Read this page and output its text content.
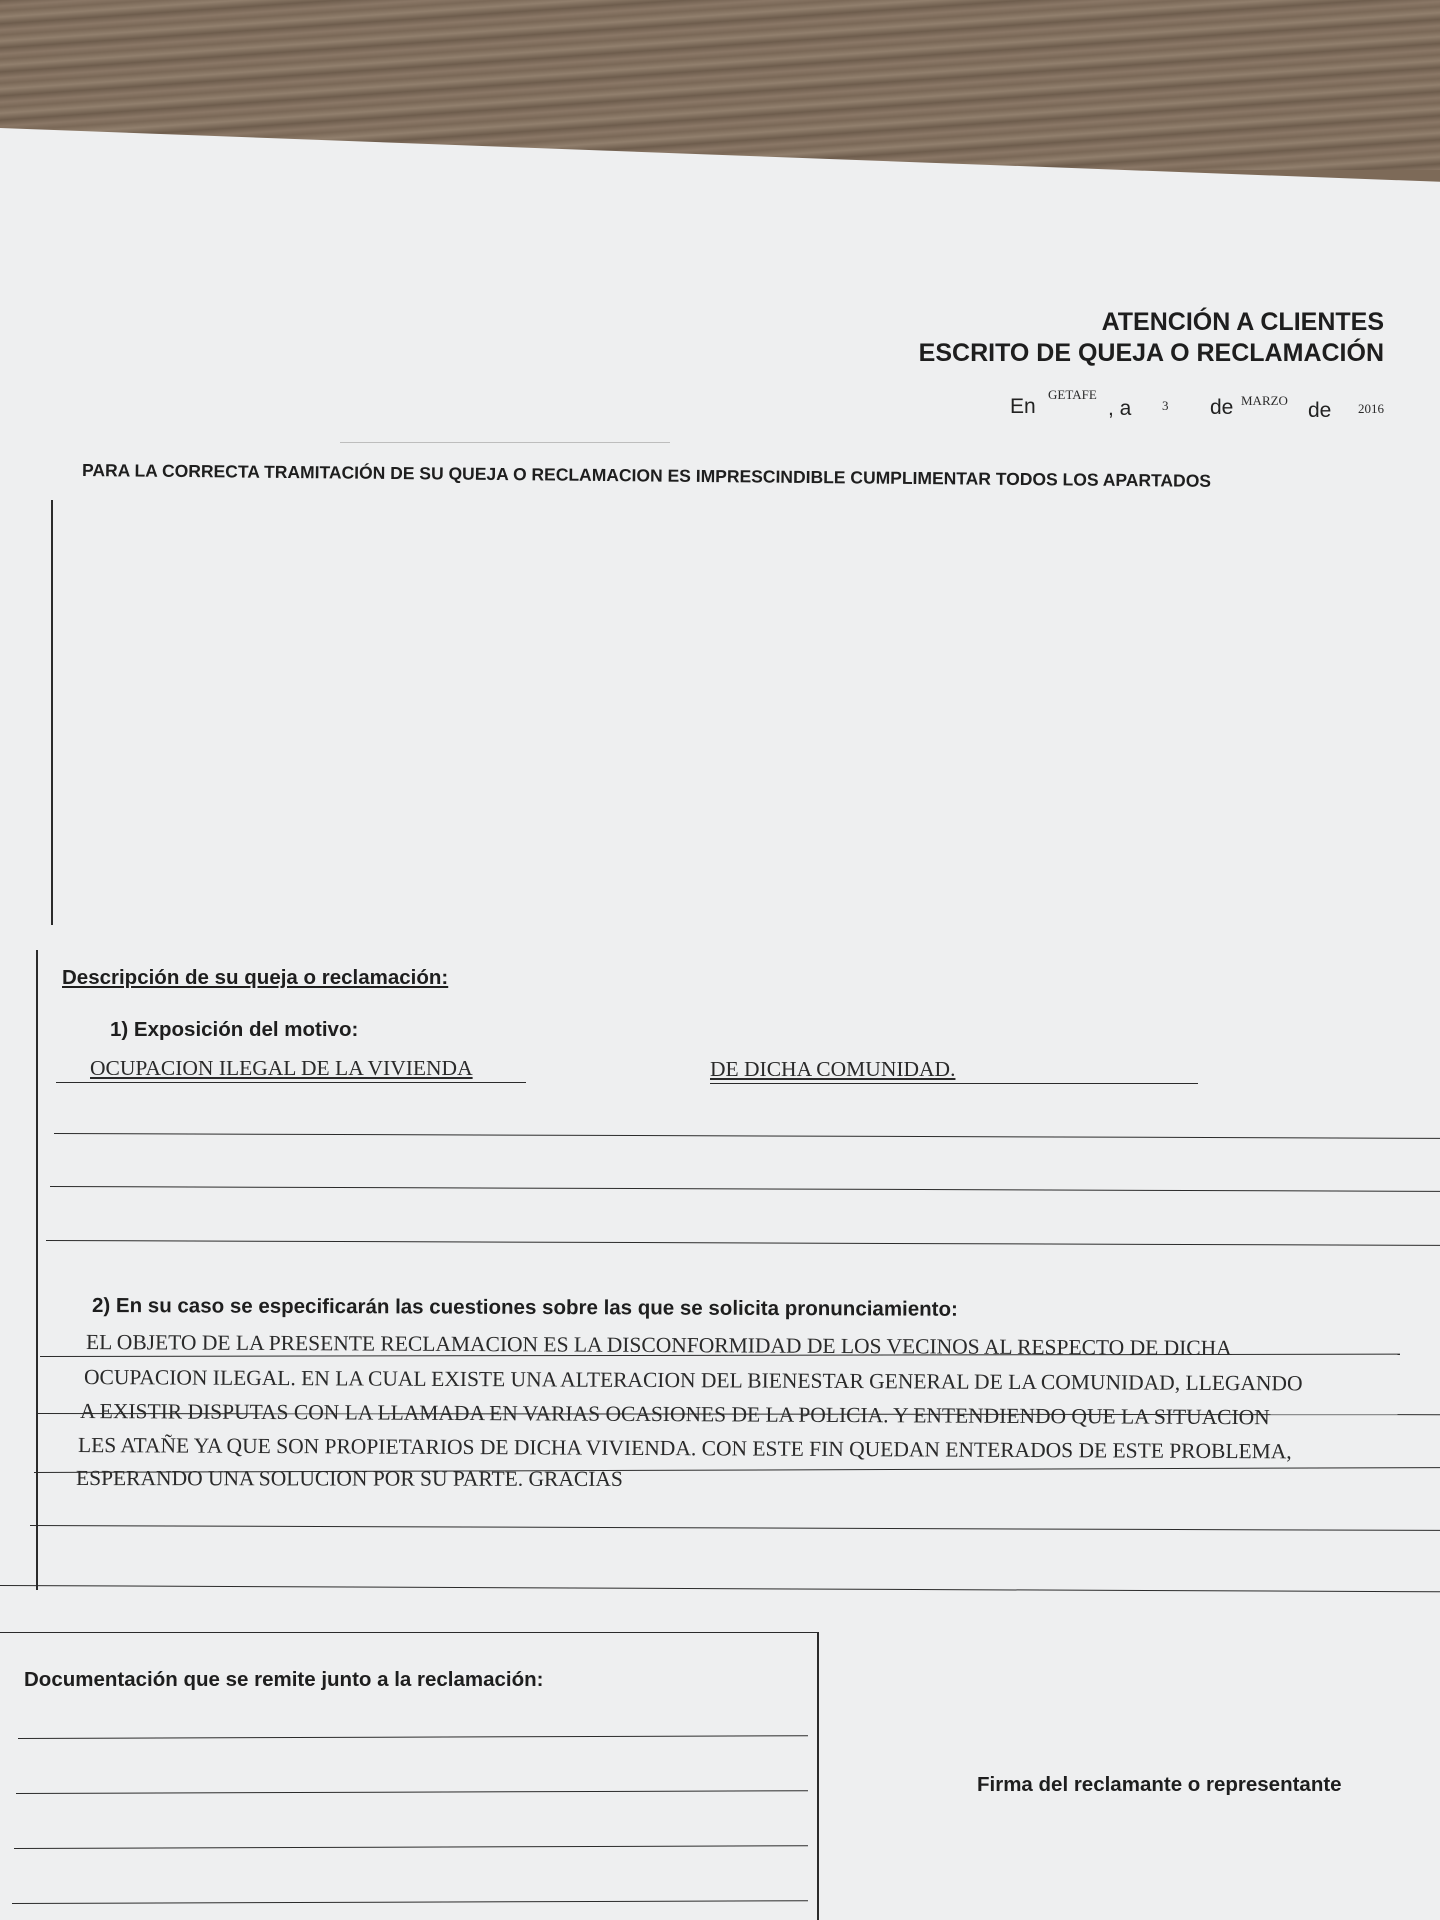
ATENCIÓN A CLIENTES
ESCRITO DE QUEJA O RECLAMACIÓN
En
GETAFE
, a 3 de MARZO de 2016
PARA LA CORRECTA TRAMITACIÓN DE SU QUEJA O RECLAMACION ES IMPRESCINDIBLE CUMPLIMENTAR TODOS LOS APARTADOS
Descripción de su queja o reclamación:
1) Exposición del motivo:
OCUPACION ILEGAL DE LA VIVIENDA	DE DICHA COMUNIDAD.
2) En su caso se especificarán las cuestiones sobre las que se solicita pronunciamiento:
EL OBJETO DE LA PRESENTE RECLAMACION ES LA DISCONFORMIDAD DE LOS VECINOS AL RESPECTO DE DICHA
OCUPACION ILEGAL. EN LA CUAL EXISTE UNA ALTERACION DEL BIENESTAR GENERAL DE LA COMUNIDAD, LLEGANDO
A EXISTIR DISPUTAS CON LA LLAMADA EN VARIAS OCASIONES DE LA POLICIA. Y ENTENDIENDO QUE LA SITUACION
LES ATAÑE YA QUE SON PROPIETARIOS DE DICHA VIVIENDA. CON ESTE FIN QUEDAN ENTERADOS DE ESTE PROBLEMA,
ESPERANDO UNA SOLUCION POR SU PARTE. GRACIAS
Documentación que se remite junto a la reclamación:
Firma del reclamante o representante
